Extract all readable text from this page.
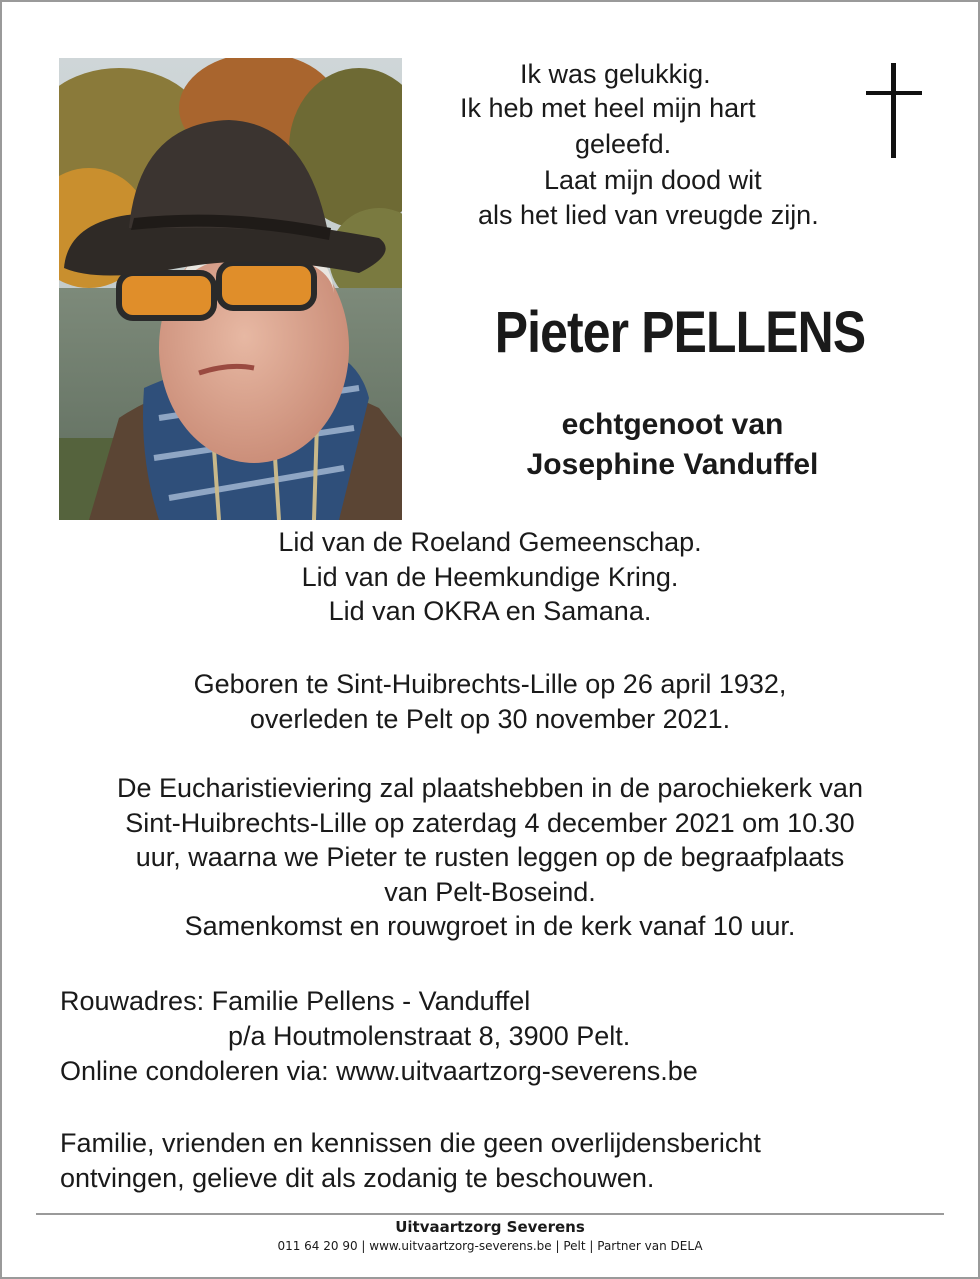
Ik was gelukkig.
Ik heb met heel mijn hart
geleefd.
Laat mijn dood wit
als het lied van vreugde zijn.
Pieter PELLENS
echtgenoot van
Josephine Vanduffel
Lid van de Roeland Gemeenschap.
Lid van de Heemkundige Kring.
Lid van OKRA en Samana.
Geboren te Sint-Huibrechts-Lille op 26 april 1932,
overleden te Pelt op 30 november 2021.
De Eucharistieviering zal plaatshebben in de parochiekerk van
Sint-Huibrechts-Lille op zaterdag 4 december 2021 om 10.30
uur, waarna we Pieter te rusten leggen op de begraafplaats
van Pelt-Boseind.
Samenkomst en rouwgroet in de kerk vanaf 10 uur.
Rouwadres: Familie Pellens - Vanduffel
p/a Houtmolenstraat 8, 3900 Pelt.
Online condoleren via: www.uitvaartzorg-severens.be
Familie, vrienden en kennissen die geen overlijdensbericht
ontvingen, gelieve dit als zodanig te beschouwen.
Uitvaartzorg Severens
011 64 20 90 | www.uitvaartzorg-severens.be | Pelt | Partner van DELA
